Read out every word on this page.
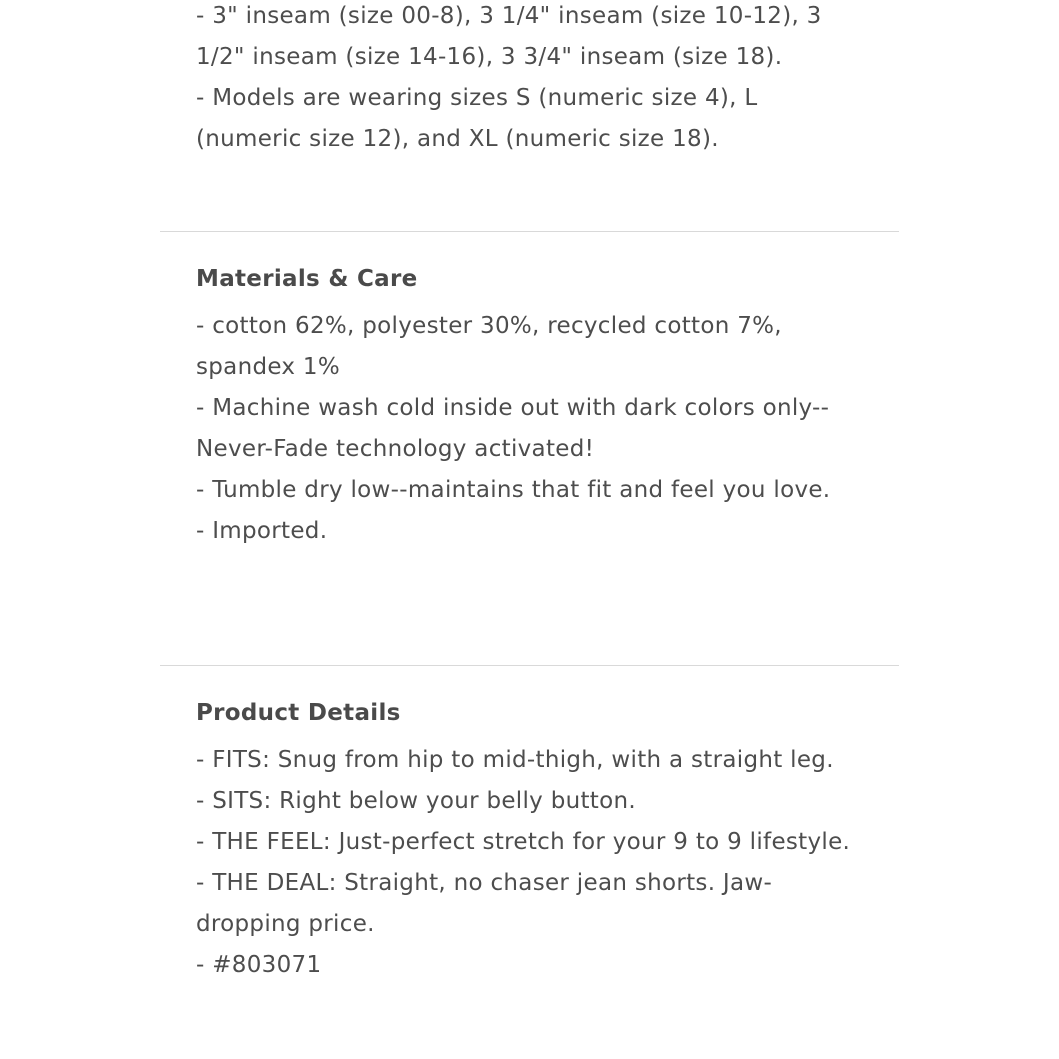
- 3" inseam (size 00-8), 3 1/4" inseam (size 10-12), 3 1/2" inseam (size 14-16), 3 3/4" inseam (size 18).

- Models are wearing sizes S (numeric size 4), L (numeric size 12), and XL (numeric size 18).

Materials & Care

- cotton 62%, polyester 30%, recycled cotton 7%, spandex 1%

- Machine wash cold inside out with dark colors only--Never-Fade technology activated!

- Tumble dry low--maintains that fit and feel you love.

- Imported.

Product Details

- FITS: Snug from hip to mid-thigh, with a straight leg.

- SITS: Right below your belly button.

- THE FEEL: Just-perfect stretch for your 9 to 9 lifestyle.

- THE DEAL: Straight, no chaser jean shorts. Jaw-dropping price.

- #803071
